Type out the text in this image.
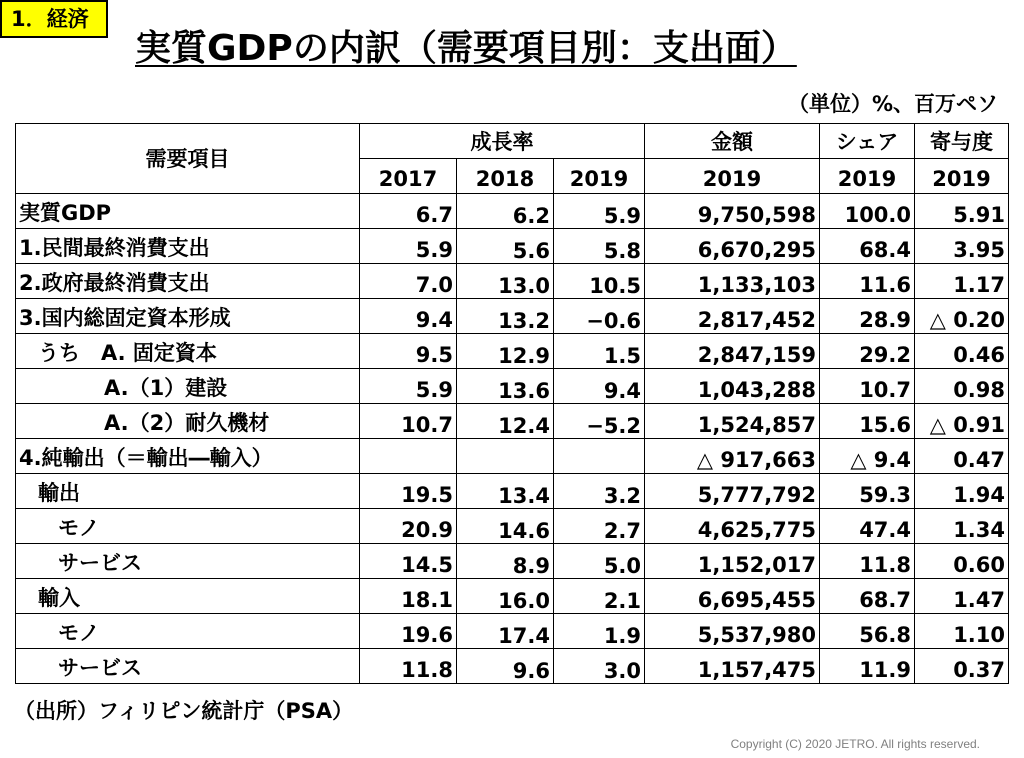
1．経済
実質GDPの内訳（需要項目別：支出面）
（単位）%、百万ペソ
需要項目	成長率			金額	シェア	寄与度
	2017	2018	2019	2019	2019	2019
実質GDP	6.7	6.2	5.9	9,750,598	100.0	5.91
1.民間最終消費支出	5.9	5.6	5.8	6,670,295	68.4	3.95
2.政府最終消費支出	7.0	13.0	10.5	1,133,103	11.6	1.17
3.国内総固定資本形成	9.4	13.2	−0.6	2,817,452	28.9	△ 0.20
うち　A. 固定資本	9.5	12.9	1.5	2,847,159	29.2	0.46
A.（1）建設	5.9	13.6	9.4	1,043,288	10.7	0.98
A.（2）耐久機材	10.7	12.4	−5.2	1,524,857	15.6	△ 0.91
4.純輸出（＝輸出―輸入）				△ 917,663	△ 9.4	0.47
輸出	19.5	13.4	3.2	5,777,792	59.3	1.94
モノ	20.9	14.6	2.7	4,625,775	47.4	1.34
サービス	14.5	8.9	5.0	1,152,017	11.8	0.60
輸入	18.1	16.0	2.1	6,695,455	68.7	1.47
モノ	19.6	17.4	1.9	5,537,980	56.8	1.10
サービス	11.8	9.6	3.0	1,157,475	11.9	0.37
（出所）フィリピン統計庁（PSA）
Copyright (C) 2020 JETRO. All rights reserved.
